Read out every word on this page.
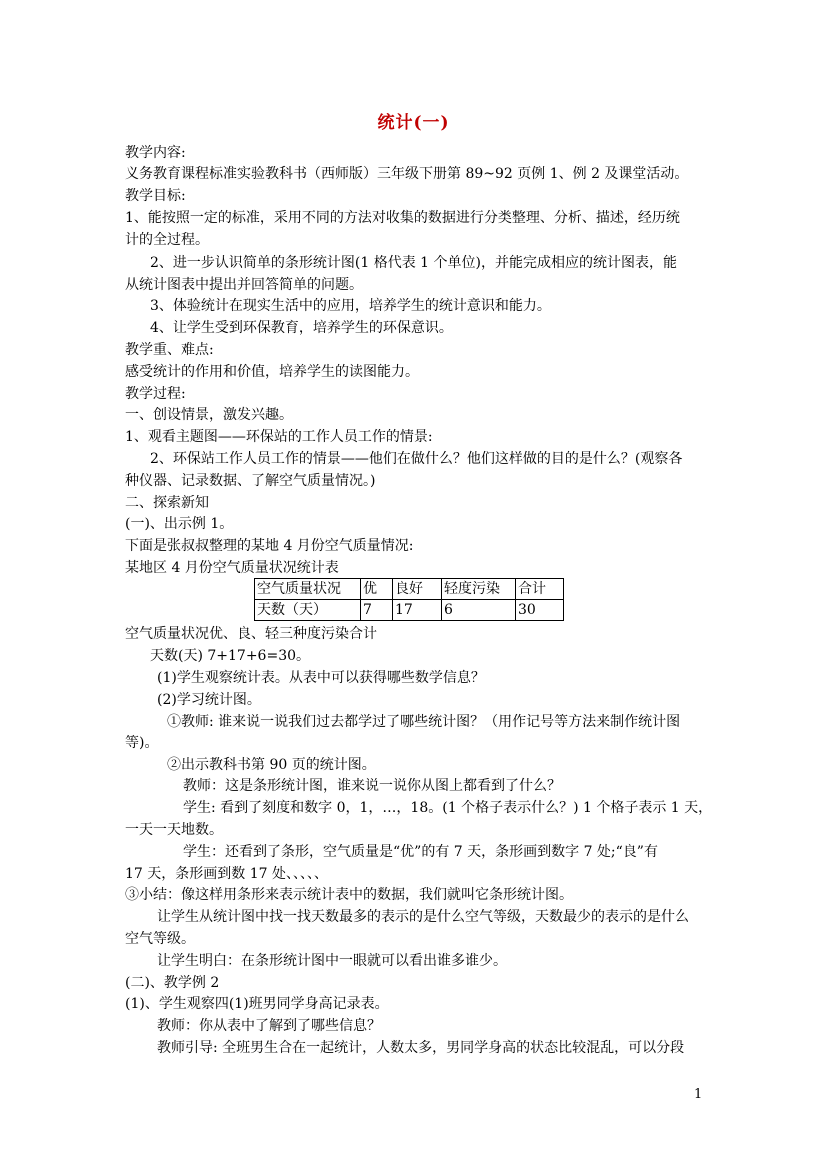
统计(一)
教学内容:
义务教育课程标准实验教科书（西师版）三年级下册第 89~92 页例 1、例 2 及课堂活动。
教学目标:
1、能按照一定的标准，采用不同的方法对收集的数据进行分类整理、分析、描述，经历统
计的全过程。
2、进一步认识简单的条形统计图(1 格代表 1 个单位)，并能完成相应的统计图表，能
从统计图表中提出并回答简单的问题。
3、体验统计在现实生活中的应用，培养学生的统计意识和能力。
4、让学生受到环保教育，培养学生的环保意识。
教学重、难点:
感受统计的作用和价值，培养学生的读图能力。
教学过程:
一、创设情景，激发兴趣。
1、观看主题图——环保站的工作人员工作的情景:
2、环保站工作人员工作的情景——他们在做什么？他们这样做的目的是什么？(观察各
种仪器、记录数据、了解空气质量情况。)
二、探索新知
(一)、出示例 1。
下面是张叔叔整理的某地 4 月份空气质量情况:
某地区 4 月份空气质量状况统计表
空气质量状况	优	良好	轻度污染	合计
天数（天）	7	17	6	30
空气质量状况优、良、轻三种度污染合计
天数(天) 7+17+6=30。
(1)学生观察统计表。从表中可以获得哪些数学信息？
(2)学习统计图。
①教师: 谁来说一说我们过去都学过了哪些统计图？（用作记号等方法来制作统计图
等)。
②出示教科书第 90 页的统计图。
教师：这是条形统计图，谁来说一说你从图上都看到了什么？
学生: 看到了刻度和数字 0，1，…，18。(1 个格子表示什么？) 1 个格子表示 1 天，
一天一天地数。
学生：还看到了条形，空气质量是“优”的有 7 天，条形画到数字 7 处;“良”有
17 天，条形画到数 17 处、、、、、
③小结：像这样用条形来表示统计表中的数据，我们就叫它条形统计图。
让学生从统计图中找一找天数最多的表示的是什么空气等级，天数最少的表示的是什么
空气等级。
让学生明白：在条形统计图中一眼就可以看出谁多谁少。
(二)、教学例 2
(1)、学生观察四(1)班男同学身高记录表。
教师：你从表中了解到了哪些信息？
教师引导: 全班男生合在一起统计，人数太多，男同学身高的状态比较混乱，可以分段
1
